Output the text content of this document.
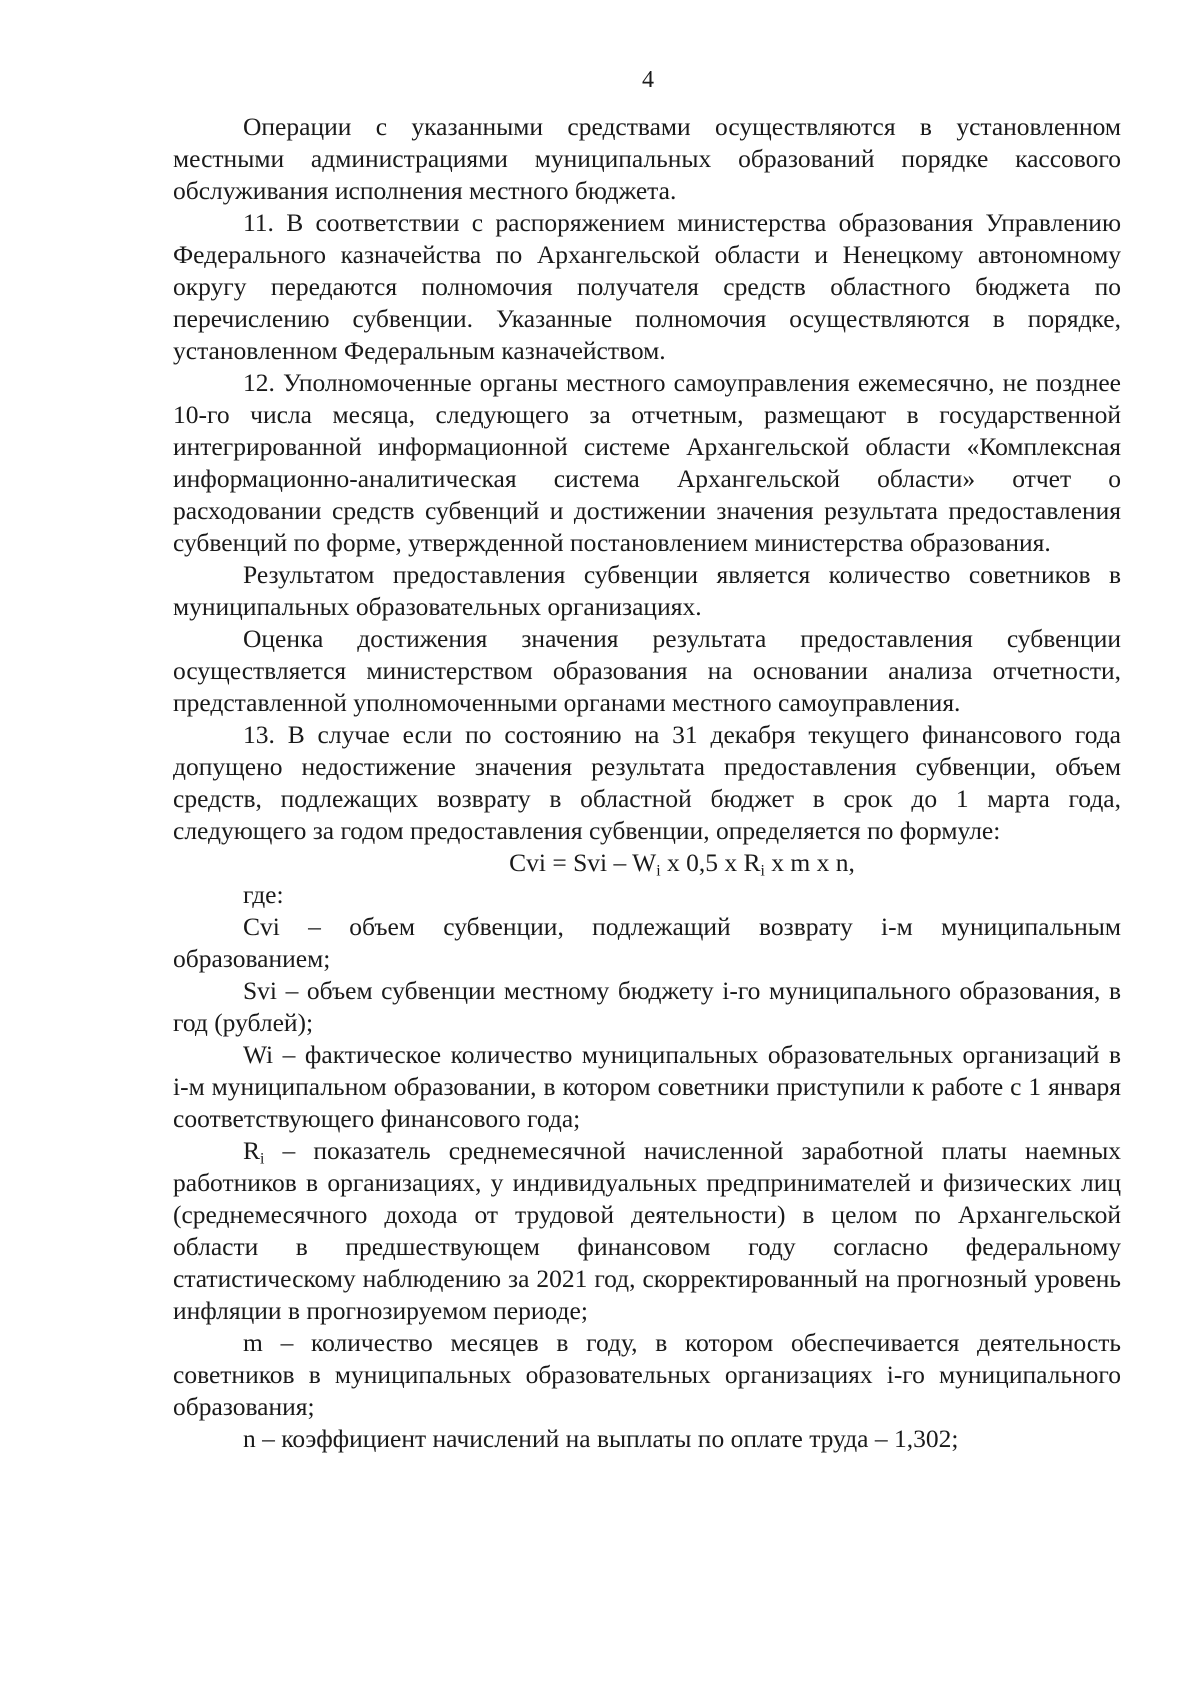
4

Операции с указанными средствами осуществляются в установленном местными администрациями муниципальных образований порядке кассового обслуживания исполнения местного бюджета.

11. В соответствии с распоряжением министерства образования Управлению Федерального казначейства по Архангельской области и Ненецкому автономному округу передаются полномочия получателя средств областного бюджета по перечислению субвенции. Указанные полномочия осуществляются в порядке, установленном Федеральным казначейством.

12. Уполномоченные органы местного самоуправления ежемесячно, не позднее 10-го числа месяца, следующего за отчетным, размещают в государственной интегрированной информационной системе Архангельской области «Комплексная информационно-аналитическая система Архангельской области» отчет о расходовании средств субвенций и достижении значения результата предоставления субвенций по форме, утвержденной постановлением министерства образования.

Результатом предоставления субвенции является количество советников в муниципальных образовательных организациях.

Оценка достижения значения результата предоставления субвенции осуществляется министерством образования на основании анализа отчетности, представленной уполномоченными органами местного самоуправления.

13. В случае если по состоянию на 31 декабря текущего финансового года допущено недостижение значения результата предоставления субвенции, объем средств, подлежащих возврату в областной бюджет в срок до 1 марта года, следующего за годом предоставления субвенции, определяется по формуле:

Cvi = Svi – $W_i$ x 0,5 x $R_i$ x m x n,
где:

Cvi – объем субвенции, подлежащий возврату i-м муниципальным образованием;

Svi – объем субвенции местному бюджету i-го муниципального образования, в год (рублей);

Wi – фактическое количество муниципальных образовательных организаций в i-м муниципальном образовании, в котором советники приступили к работе с 1 января соответствующего финансового года;

$R_i$ – показатель среднемесячной начисленной заработной платы наемных работников в организациях, у индивидуальных предпринимателей и физических лиц (среднемесячного дохода от трудовой деятельности) в целом по Архангельской области в предшествующем финансовом году согласно федеральному статистическому наблюдению за 2021 год, скорректированный на прогнозный уровень инфляции в прогнозируемом периоде;

m – количество месяцев в году, в котором обеспечивается деятельность советников в муниципальных образовательных организациях i-го муниципального образования;

n – коэффициент начислений на выплаты по оплате труда – 1,302;
